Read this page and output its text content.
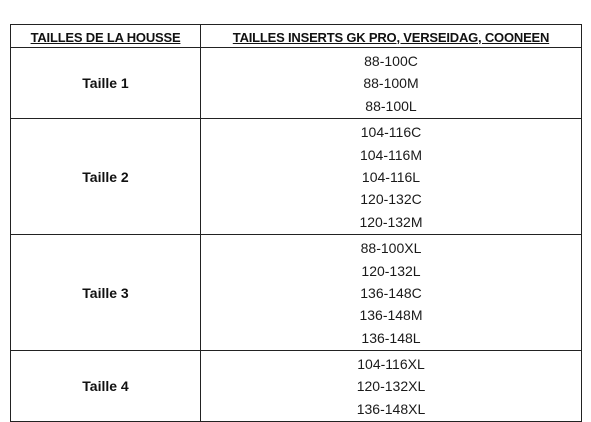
TAILLES DE LA HOUSSE	TAILLES INSERTS GK PRO, VERSEIDAG, COONEEN
Taille 1	88-100C
88-100M
88-100L

Taille 2	104-116C
104-116M
104-116L
120-132C
120-132M

Taille 3	88-100XL
120-132L
136-148C
136-148M
136-148L

Taille 4	104-116XL
120-132XL
136-148XL
